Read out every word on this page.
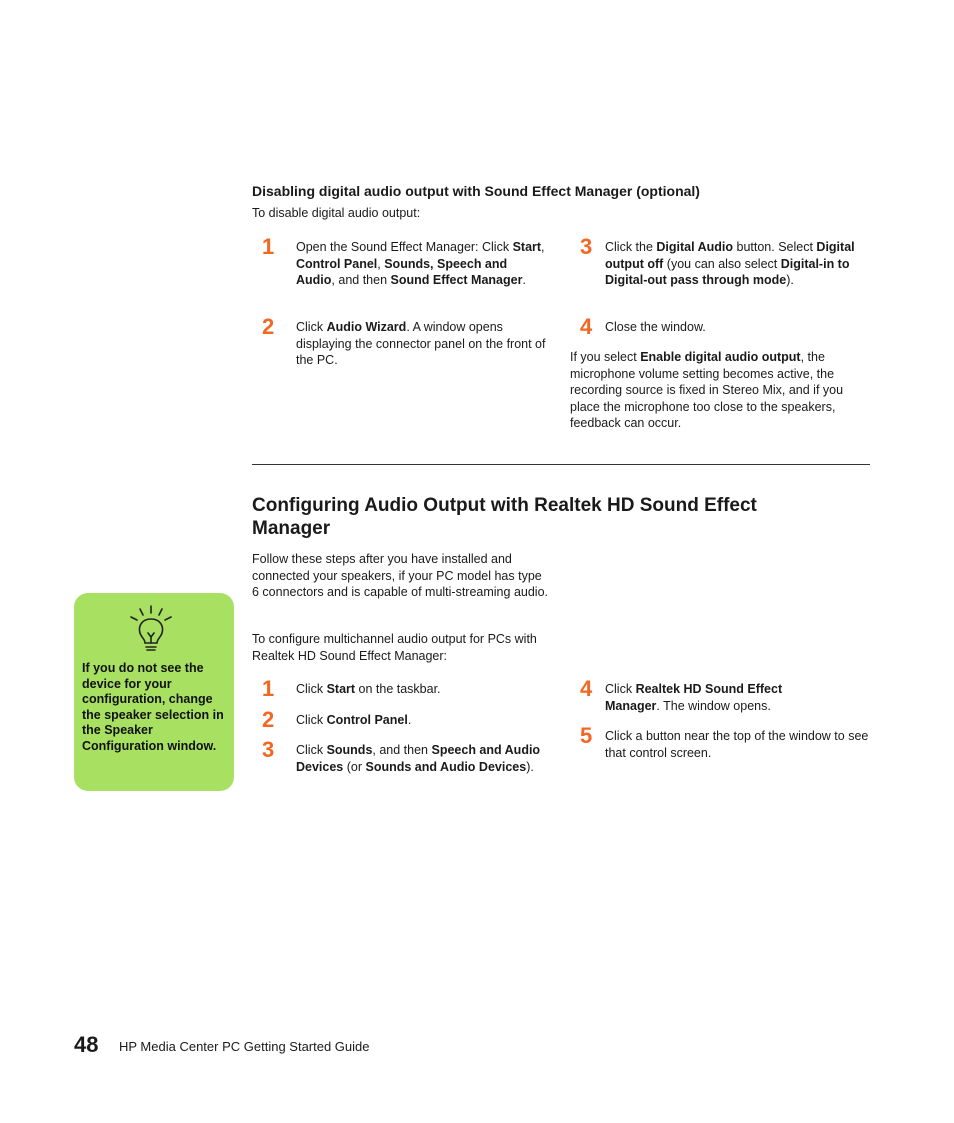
Disabling digital audio output with Sound Effect Manager (optional)
To disable digital audio output:
1 Open the Sound Effect Manager: Click Start, Control Panel, Sounds, Speech and Audio, and then Sound Effect Manager.
2 Click Audio Wizard. A window opens displaying the connector panel on the front of the PC.
3 Click the Digital Audio button. Select Digital output off (you can also select Digital-in to Digital-out pass through mode).
4 Close the window.
If you select Enable digital audio output, the microphone volume setting becomes active, the recording source is fixed in Stereo Mix, and if you place the microphone too close to the speakers, feedback can occur.
Configuring Audio Output with Realtek HD Sound Effect Manager
Follow these steps after you have installed and connected your speakers, if your PC model has type 6 connectors and is capable of multi-streaming audio.
To configure multichannel audio output for PCs with Realtek HD Sound Effect Manager:
1 Click Start on the taskbar.
2 Click Control Panel.
3 Click Sounds, and then Speech and Audio Devices (or Sounds and Audio Devices).
4 Click Realtek HD Sound Effect Manager. The window opens.
5 Click a button near the top of the window to see that control screen.
If you do not see the device for your configuration, change the speaker selection in the Speaker Configuration window.
48 HP Media Center PC Getting Started Guide
